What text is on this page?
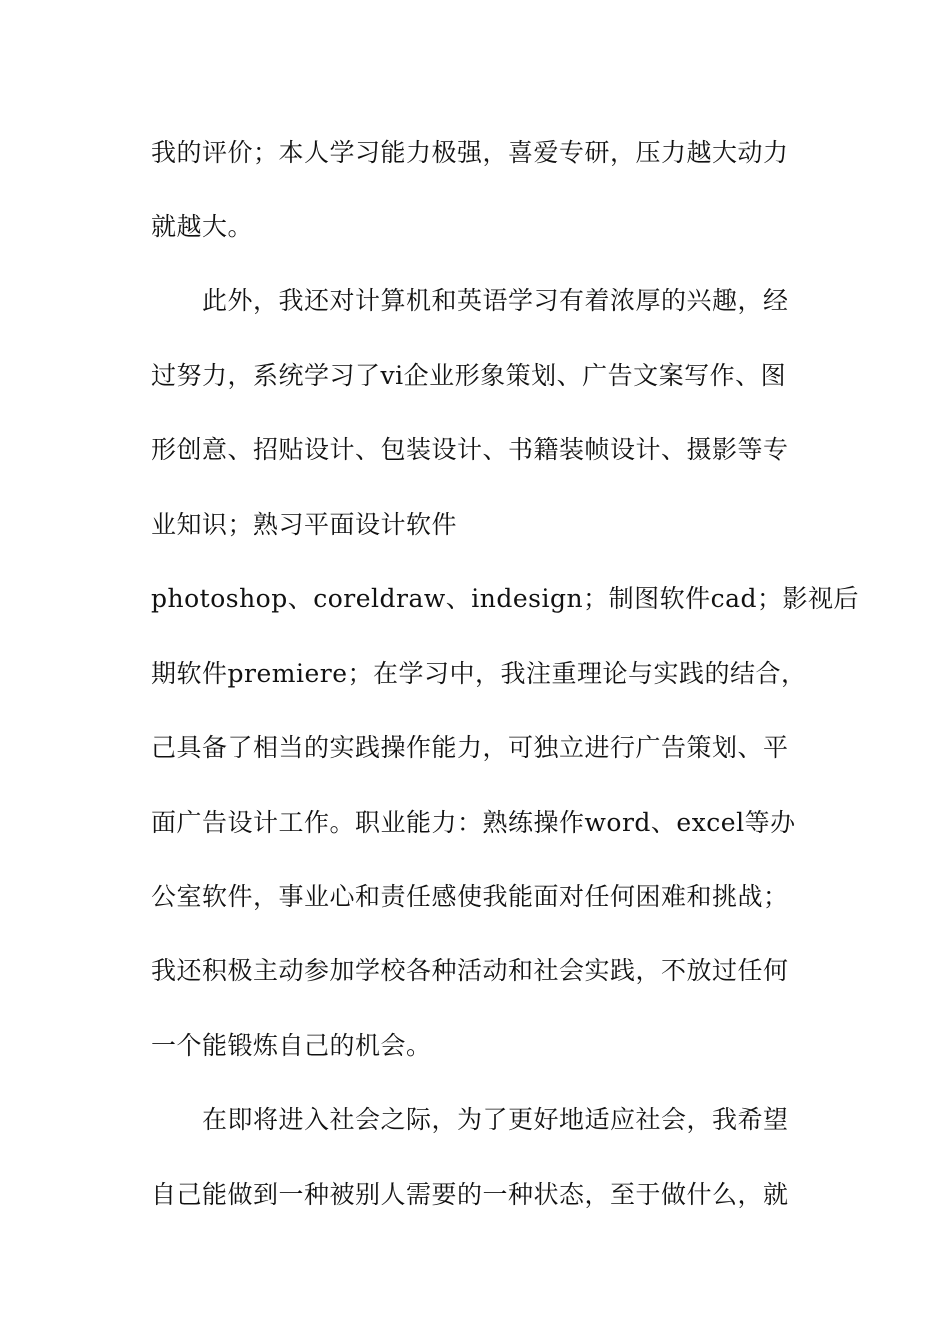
我的评价；本人学习能力极强，喜爱专研，压力越大动力
就越大。
　　此外，我还对计算机和英语学习有着浓厚的兴趣，经
过努力，系统学习了vi企业形象策划、广告文案写作、图
形创意、招贴设计、包装设计、书籍装帧设计、摄影等专
业知识；熟习平面设计软件
photoshop、coreldraw、indesign；制图软件cad；影视后
期软件premiere；在学习中，我注重理论与实践的结合，
己具备了相当的实践操作能力，可独立进行广告策划、平
面广告设计工作。职业能力：熟练操作word、excel等办
公室软件，事业心和责任感使我能面对任何困难和挑战；
我还积极主动参加学校各种活动和社会实践，不放过任何
一个能锻炼自己的机会。
　　在即将进入社会之际，为了更好地适应社会，我希望
自己能做到一种被别人需要的一种状态，至于做什么，就
